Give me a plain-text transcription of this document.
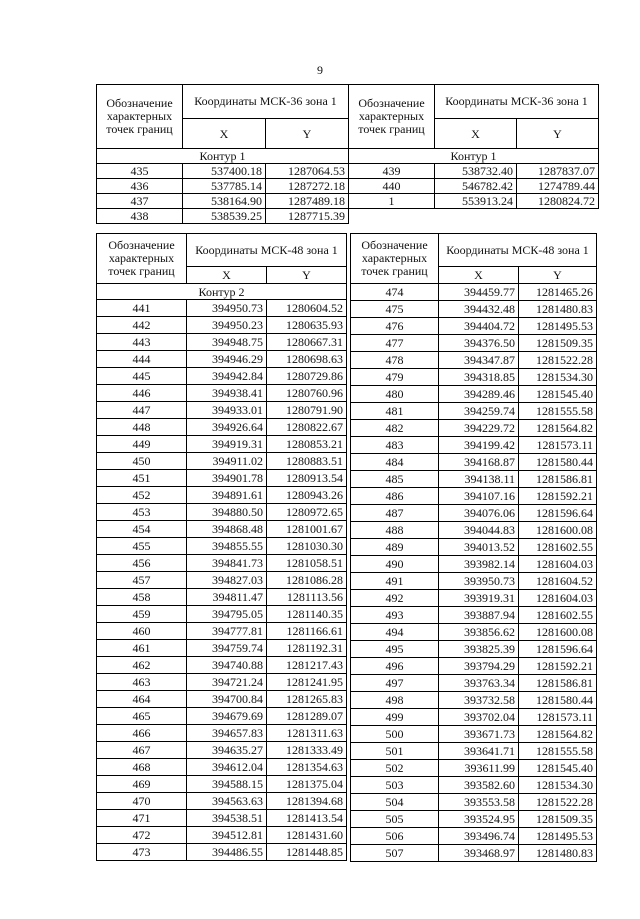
9
Обозначение характерных точек границ	Координаты МСК-36 зона 1	
	X	Y
Контур 1		
435	537400.18	1287064.53
436	537785.14	1287272.18
437	538164.90	1287489.18
438	538539.25	1287715.39
Обозначение характерных точек границ	Координаты МСК-36 зона 1	
	X	Y
Контур 1		
439	538732.40	1287837.07
440	546782.42	1274789.44
1	553913.24	1280824.72
Обозначение характерных точек границ	Координаты МСК-48 зона 1	
	X	Y
Контур 2		
441	394950.73	1280604.52
442	394950.23	1280635.93
443	394948.75	1280667.31
444	394946.29	1280698.63
445	394942.84	1280729.86
446	394938.41	1280760.96
447	394933.01	1280791.90
448	394926.64	1280822.67
449	394919.31	1280853.21
450	394911.02	1280883.51
451	394901.78	1280913.54
452	394891.61	1280943.26
453	394880.50	1280972.65
454	394868.48	1281001.67
455	394855.55	1281030.30
456	394841.73	1281058.51
457	394827.03	1281086.28
458	394811.47	1281113.56
459	394795.05	1281140.35
460	394777.81	1281166.61
461	394759.74	1281192.31
462	394740.88	1281217.43
463	394721.24	1281241.95
464	394700.84	1281265.83
465	394679.69	1281289.07
466	394657.83	1281311.63
467	394635.27	1281333.49
468	394612.04	1281354.63
469	394588.15	1281375.04
470	394563.63	1281394.68
471	394538.51	1281413.54
472	394512.81	1281431.60
473	394486.55	1281448.85
Обозначение характерных точек границ	Координаты МСК-48 зона 1	
	X	Y
474	394459.77	1281465.26
475	394432.48	1281480.83
476	394404.72	1281495.53
477	394376.50	1281509.35
478	394347.87	1281522.28
479	394318.85	1281534.30
480	394289.46	1281545.40
481	394259.74	1281555.58
482	394229.72	1281564.82
483	394199.42	1281573.11
484	394168.87	1281580.44
485	394138.11	1281586.81
486	394107.16	1281592.21
487	394076.06	1281596.64
488	394044.83	1281600.08
489	394013.52	1281602.55
490	393982.14	1281604.03
491	393950.73	1281604.52
492	393919.31	1281604.03
493	393887.94	1281602.55
494	393856.62	1281600.08
495	393825.39	1281596.64
496	393794.29	1281592.21
497	393763.34	1281586.81
498	393732.58	1281580.44
499	393702.04	1281573.11
500	393671.73	1281564.82
501	393641.71	1281555.58
502	393611.99	1281545.40
503	393582.60	1281534.30
504	393553.58	1281522.28
505	393524.95	1281509.35
506	393496.74	1281495.53
507	393468.97	1281480.83
